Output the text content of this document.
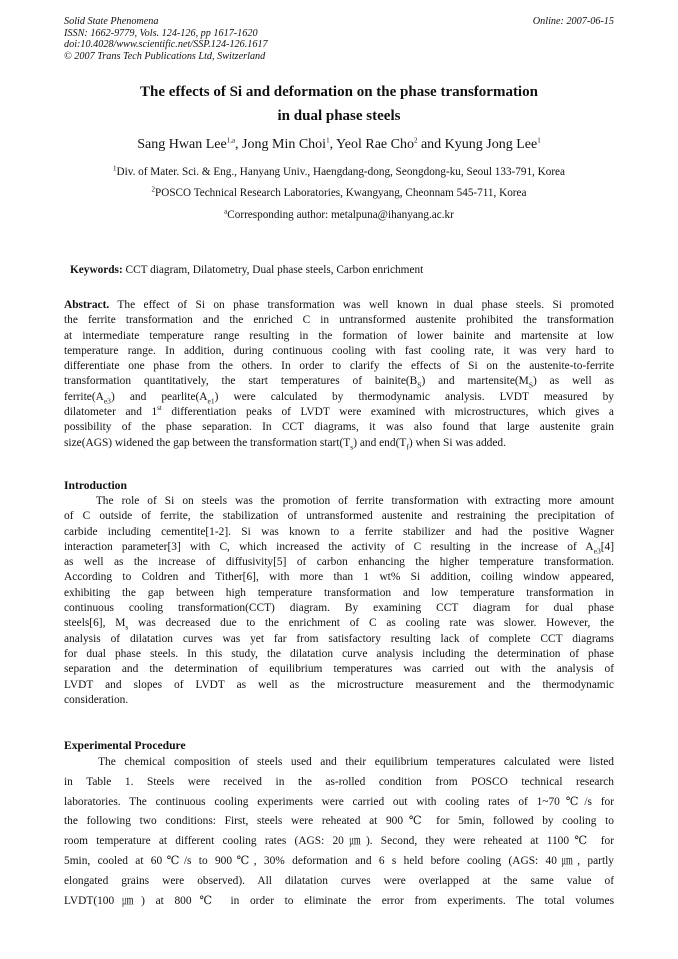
Solid State Phenomena
ISSN: 1662-9779, Vols. 124-126, pp 1617-1620
doi:10.4028/www.scientific.net/SSP.124-126.1617
© 2007 Trans Tech Publications Ltd, Switzerland
Online: 2007-06-15
The effects of Si and deformation on the phase transformation
in dual phase steels
Sang Hwan Lee$^{1,a}$, Jong Min Choi$^1$, Yeol Rae Cho$^2$ and Kyung Jong Lee$^1$
$^1$Div. of Mater. Sci. & Eng., Hanyang Univ., Haengdang-dong, Seongdong-ku, Seoul 133-791, Korea
$^2$POSCO Technical Research Laboratories, Kwangyang, Cheonnam 545-711, Korea
$^a$Corresponding author: metalpuna@ihanyang.ac.kr
Keywords: CCT diagram, Dilatometry, Dual phase steels, Carbon enrichment
Abstract. The effect of Si on phase transformation was well known in dual phase steels. Si promoted
the ferrite transformation and the enriched C in untransformed austenite prohibited the transformation
at intermediate temperature range resulting in the formation of lower bainite and martensite at low
temperature range. In addition, during continuous cooling with fast cooling rate, it was very hard to
differentiate one phase from the others. In order to clarify the effects of Si on the austenite-to-ferrite
transformation quantitatively, the start temperatures of $bainite(B_S)$ and $martensite(M_S)$ as well as
$ferrite(A_{e3})$ and $pearlite(A_{e1})$ were calculated by thermodynamic analysis. LVDT measured by
dilatometer and 1st differentiation peaks of LVDT were examined with microstructures, which gives a
possibility of the phase separation. In CCT diagrams, it was also found that large austenite grain
size(AGS) widened the gap between the transformation $start(T_s)$ and $end(T_f)$ when Si was added.
Introduction
The role of Si on steels was the promotion of ferrite transformation with extracting more amount
of C outside of ferrite, the stabilization of untransformed austenite and restraining the precipitation of
carbide including cementite[1-2]. Si was known to a ferrite stabilizer and had the positive Wagner
interaction parameter[3] with C, which increased the activity of C resulting in the increase of $A_{e3}[4]$
as well as the increase of diffusivity[5] of carbon enhancing the higher temperature transformation.
According to Coldren and Tither[6], with more than 1 wt% Si addition, coiling window appeared,
exhibiting the gap between high temperature transformation and low temperature transformation in
continuous cooling transformation(CCT) diagram. By examining CCT diagram for dual phase
steels[6], $M_s$ was decreased due to the enrichment of C as cooling rate was slower. However, the
analysis of dilatation curves was yet far from satisfactory resulting lack of complete CCT diagrams
for dual phase steels. In this study, the dilatation curve analysis including the determination of phase
separation and the determination of equilibrium temperatures was carried out with the analysis of
LVDT and slopes of LVDT as well as the microstructure measurement and the thermodynamic
consideration.
Experimental Procedure
The chemical composition of steels used and their equilibrium temperatures calculated were listed
in Table 1. Steels were received in the as-rolled condition from POSCO technical research
laboratories. The continuous cooling experiments were carried out with cooling rates of 1~70℃/s for
the following two conditions: First, steels were reheated at 900℃ for 5min, followed by cooling to
room temperature at different cooling rates (AGS: 20㎛). Second, they were reheated at 1100℃ for
5min, cooled at 60℃/s to 900℃, 30% deformation and 6 s held before cooling (AGS: 40㎛, partly
elongated grains were observed). All dilatation curves were overlapped at the same value of
LVDT(100㎛) at 800℃ in order to eliminate the error from experiments. The total volumes
